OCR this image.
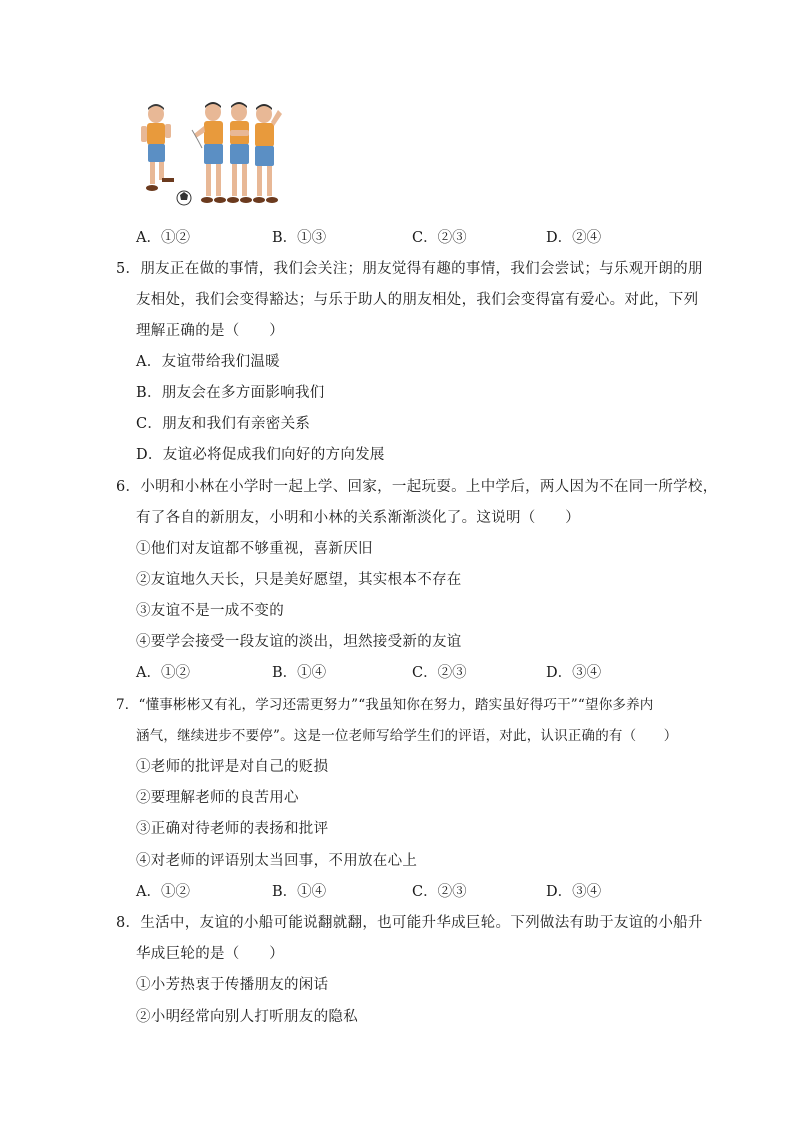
A．①②	B．①③	C．②③	D．②④
5．朋友正在做的事情，我们会关注；朋友觉得有趣的事情，我们会尝试；与乐观开朗的朋
友相处，我们会变得豁达；与乐于助人的朋友相处，我们会变得富有爱心。对此，下列
理解正确的是（　　）
A．友谊带给我们温暖
B．朋友会在多方面影响我们
C．朋友和我们有亲密关系
D．友谊必将促成我们向好的方向发展
6．小明和小林在小学时一起上学、回家，一起玩耍。上中学后，两人因为不在同一所学校，
有了各自的新朋友，小明和小林的关系渐渐淡化了。这说明（　　）
①他们对友谊都不够重视，喜新厌旧
②友谊地久天长，只是美好愿望，其实根本不存在
③友谊不是一成不变的
④要学会接受一段友谊的淡出，坦然接受新的友谊
A．①②	B．①④	C．②③	D．③④
7．“懂事彬彬又有礼，学习还需更努力”“我虽知你在努力，踏实虽好得巧干”“望你多养内
涵气，继续进步不要停”。这是一位老师写给学生们的评语，对此，认识正确的有（　　）
①老师的批评是对自己的贬损
②要理解老师的良苦用心
③正确对待老师的表扬和批评
④对老师的评语别太当回事，不用放在心上
A．①②	B．①④	C．②③	D．③④
8．生活中，友谊的小船可能说翻就翻，也可能升华成巨轮。下列做法有助于友谊的小船升
华成巨轮的是（　　）
①小芳热衷于传播朋友的闲话
②小明经常向别人打听朋友的隐私
